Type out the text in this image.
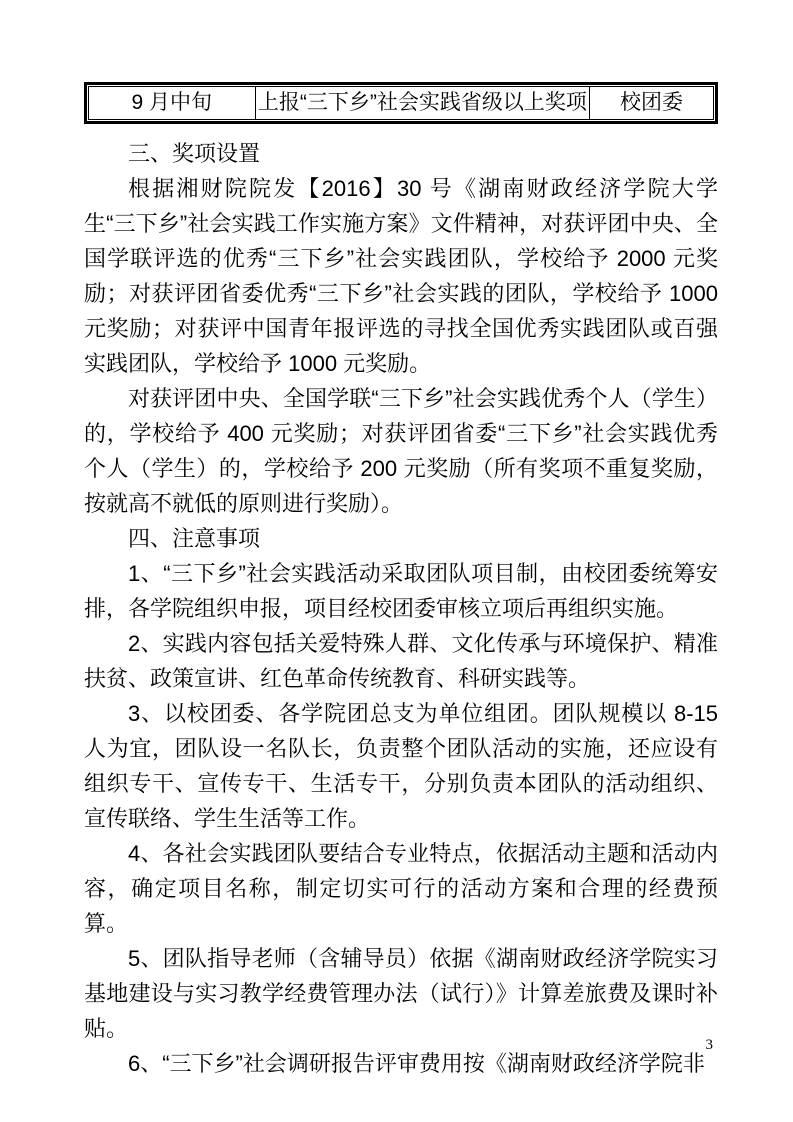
9 月中旬	上报“三下乡”社会实践省级以上奖项	校团委

三、奖项设置

根据湘财院院发【2016】30 号《湖南财政经济学院大学生“三下乡”社会实践工作实施方案》文件精神，对获评团中央、全国学联评选的优秀“三下乡”社会实践团队，学校给予 2000 元奖励；对获评团省委优秀“三下乡”社会实践的团队，学校给予 1000 元奖励；对获评中国青年报评选的寻找全国优秀实践团队或百强实践团队，学校给予 1000 元奖励。

对获评团中央、全国学联“三下乡”社会实践优秀个人（学生）的，学校给予 400 元奖励；对获评团省委“三下乡”社会实践优秀个人（学生）的，学校给予 200 元奖励（所有奖项不重复奖励，按就高不就低的原则进行奖励）。

四、注意事项

1、“三下乡”社会实践活动采取团队项目制，由校团委统筹安排，各学院组织申报，项目经校团委审核立项后再组织实施。

2、实践内容包括关爱特殊人群、文化传承与环境保护、精准扶贫、政策宣讲、红色革命传统教育、科研实践等。

3、以校团委、各学院团总支为单位组团。团队规模以 8-15 人为宜，团队设一名队长，负责整个团队活动的实施，还应设有组织专干、宣传专干、生活专干，分别负责本团队的活动组织、宣传联络、学生生活等工作。

4、各社会实践团队要结合专业特点，依据活动主题和活动内容，确定项目名称，制定切实可行的活动方案和合理的经费预算。

5、团队指导老师（含辅导员）依据《湖南财政经济学院实习基地建设与实习教学经费管理办法（试行）》计算差旅费及课时补贴。

6、“三下乡”社会调研报告评审费用按《湖南财政经济学院非

3
